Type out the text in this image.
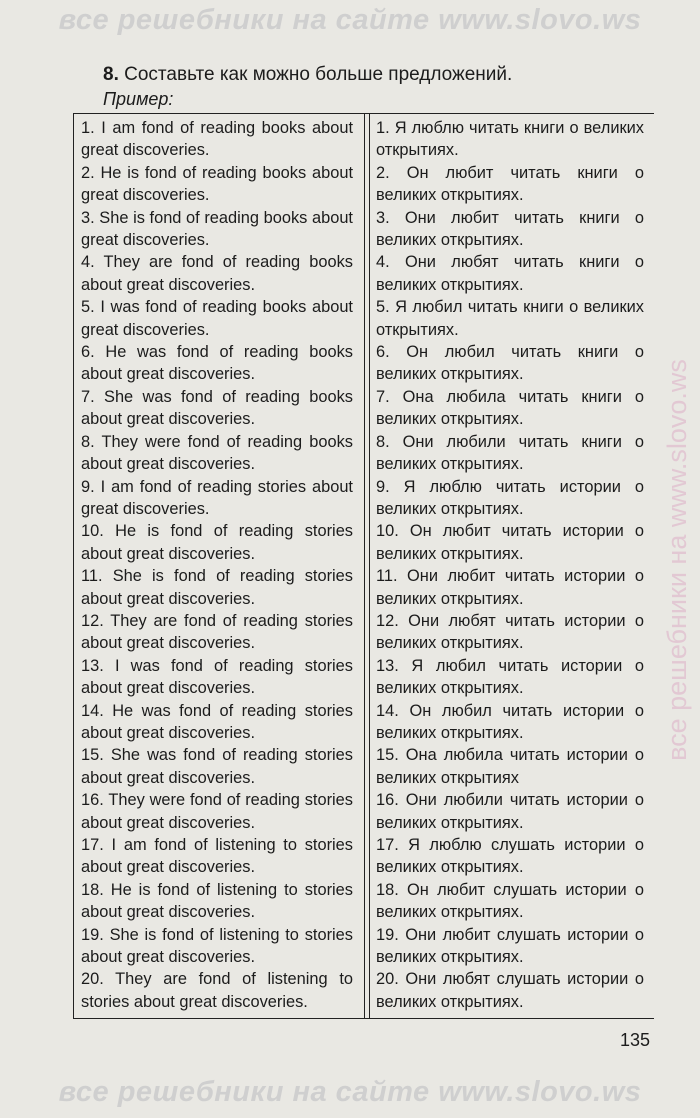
все решебники на сайте www.slovo.ws
все решебники на www.slovo.ws
8. Составьте как можно больше предложений.
Пример:

1. I am fond of reading books about great discoveries.

2. He is fond of reading books about great discoveries.

3. She is fond of reading books about great discoveries.

4. They are fond of reading books about great discoveries.

5. I was fond of reading books about great discoveries.

6. He was fond of reading books about great discoveries.

7. She was fond of reading books about great discoveries.

8. They were fond of reading books about great discoveries.

9. I am fond of reading stories about great discoveries.

10. He is fond of reading stories about great discoveries.

11. She is fond of reading stories about great discoveries.

12. They are fond of reading stories about great discoveries.

13. I was fond of reading stories about great discoveries.

14. He was fond of reading stories about great discoveries.

15. She was fond of reading stories about great discoveries.

16. They were fond of reading stories about great discoveries.

17. I am fond of listening to stories about great discoveries.

18. He is fond of listening to stories about great discoveries.

19. She is fond of listening to stories about great discoveries.

20. They are fond of listening to stories about great discoveries.

1. Я люблю читать книги о великих открытиях.

2. Он любит читать книги о великих открытиях.

3. Они любит читать книги о великих открытиях.

4. Они любят читать книги о великих открытиях.

5. Я любил читать книги о великих открытиях.

6. Он любил читать книги о великих открытиях.

7. Она любила читать книги о великих открытиях.

8. Они любили читать книги о великих открытиях.

9. Я люблю читать истории о великих открытиях.

10. Он любит читать истории о великих открытиях.

11. Они любит читать истории о великих открытиях.

12. Они любят читать истории о великих открытиях.

13. Я любил читать истории о великих открытиях.

14. Он любил читать истории о великих открытиях.

15. Она любила читать истории о великих открытиях

16. Они любили читать истории о великих открытиях.

17. Я люблю слушать истории о великих открытиях.

18. Он любит слушать истории о великих открытиях.

19. Они любит слушать истории о великих открытиях.

20. Они любят слушать истории о великих открытиях.

135
все решебники на сайте www.slovo.ws
